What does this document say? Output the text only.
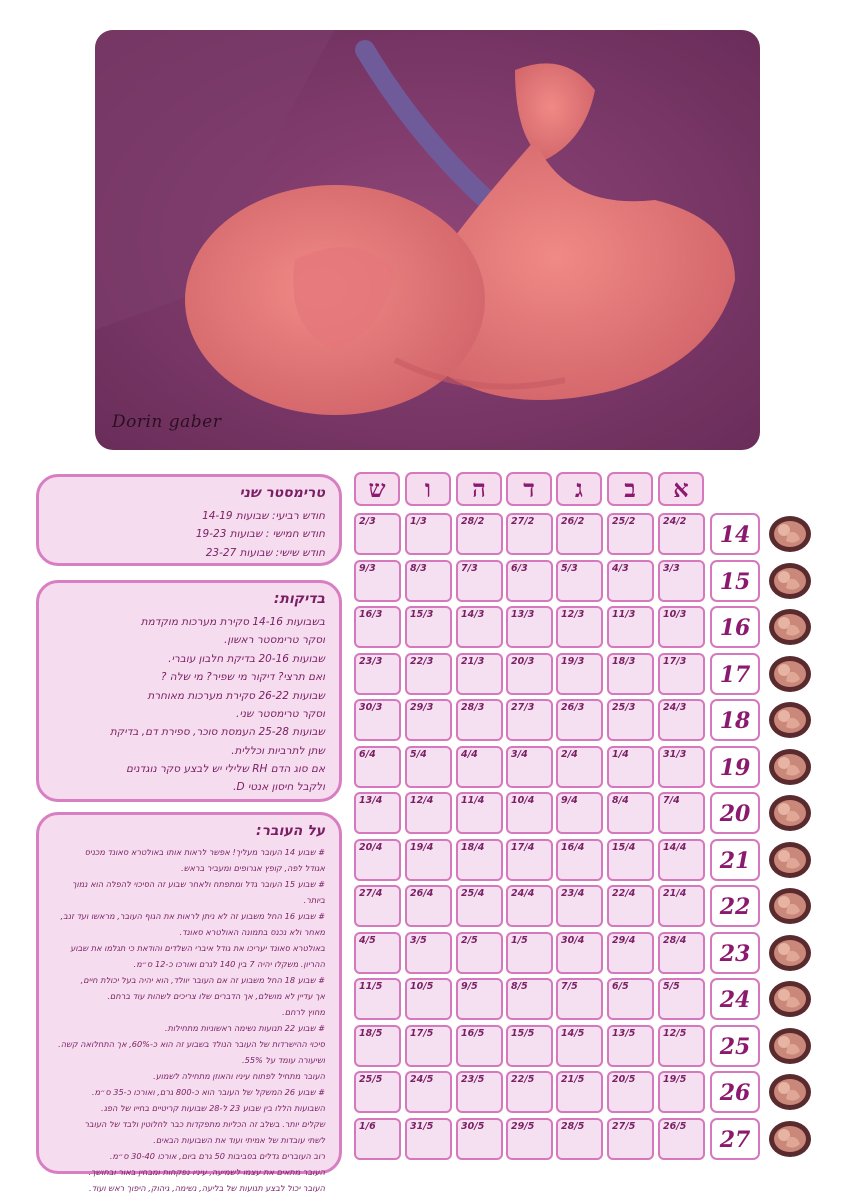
Dorin gaber
טרימסטר שני

חודש רביעי: שבועות 14-19

חודש חמישי : שבועות 19-23

חודש שישי: שבועות 23-27

בדיקות:

בשבועות 14-16 סקירת מערכות מוקדמת

וסקר טרימסטר ראשון.

שבועות 20-16 בדיקת חלבון עוברי.

ואם תרצי? דיקור מי שפיר? מי שלה ?

שבועות 26-22 סקירת מערכות מאוחרת

וסקר טרימסטר שני.

שבועות 25-28 העמסת סוכר, ספירת דם, בדיקת

שתן לתרביות וכללית.

אם סוג הדם RH שלילי יש לבצע סקר נוגדנים

ולקבל חיסון אנטי D.

על העובר:

# שבוע 14 העובר מעליך! אפשר לראות אותו באולטרא סאונד מכניס

אגודל לפה, קופץ אגרופים ומעביר בראש.

# שבוע 15 העובר גדל ומתפתח ולאחר שבוע זה הסיכוי לה‌פלה הוא נמוך ביותר.

# שבוע 16 החל משבוע זה לא ניתן לראות את הגוף העובר, מראשו ועד זנב,

מאחר ולא נכנס בתמונה האולטרא סאונד.

באולטרא סאונד יעריכו את גודל איברי השלדים והודאת כי תגלמו את שבוע

ההריון. משקלו יהיה 7 בין 140 לגרם ואורכו כ-12 ס״מ.

# שבוע 18 החל משבוע זה אם העובר יוולד, הוא יהיה בעל יכולת חיים,

אך עדיין לא מושלם, אך הדברים שלו צריכים לשהות עוד ברחם.

מחוץ לרחם.

# שבוע 22 תנועות נשימה ראשוניות מתחילות.

סיכוי ההישרדות של העובר הנולד בשבוע זה הוא כ-60%, אך התחלואה קשה.

ושיעורה עומד על 55%.

העובר מתחיל לפתוח עיניו והאוזן מתחילה לשמוע.

# שבוע 26 המשקל של העובר הוא כ-800 גרם, ואורכו כ-35 ס״מ.

השבועות הללו בין שבוע 23 ל-28 שבועות קריטיים בחייו של הפג.

שקלים יותר. בשלב זה הכליות מתפקדות כבר לחלוטין ולבד של העובר

לשתי עובדות של אמיתי ועוד את השבועות הבאים.

רוב העוברים גדלים בסביבות 50 גרם ביום, אורכו 30-40 ס״מ.

העובר מתאים את עצמו לשמיעה, עיניו נפקחות ומבחין באור ובחושך.

העובר יכול לבצע תנועות של בליעה, נשימה, גיהוק, היפוך ראש ועוד.

א
ב
ג
ד
ה
ו
ש
24/2
25/2
26/2
27/2
28/2
1/3
2/3
14
3/3
4/3
5/3
6/3
7/3
8/3
9/3
15
10/3
11/3
12/3
13/3
14/3
15/3
16/3
16
17/3
18/3
19/3
20/3
21/3
22/3
23/3
17
24/3
25/3
26/3
27/3
28/3
29/3
30/3
18
31/3
1/4
2/4
3/4
4/4
5/4
6/4
19
7/4
8/4
9/4
10/4
11/4
12/4
13/4
20
14/4
15/4
16/4
17/4
18/4
19/4
20/4
21
21/4
22/4
23/4
24/4
25/4
26/4
27/4
22
28/4
29/4
30/4
1/5
2/5
3/5
4/5
23
5/5
6/5
7/5
8/5
9/5
10/5
11/5
24
12/5
13/5
14/5
15/5
16/5
17/5
18/5
25
19/5
20/5
21/5
22/5
23/5
24/5
25/5
26
26/5
27/5
28/5
29/5
30/5
31/5
1/6
27
